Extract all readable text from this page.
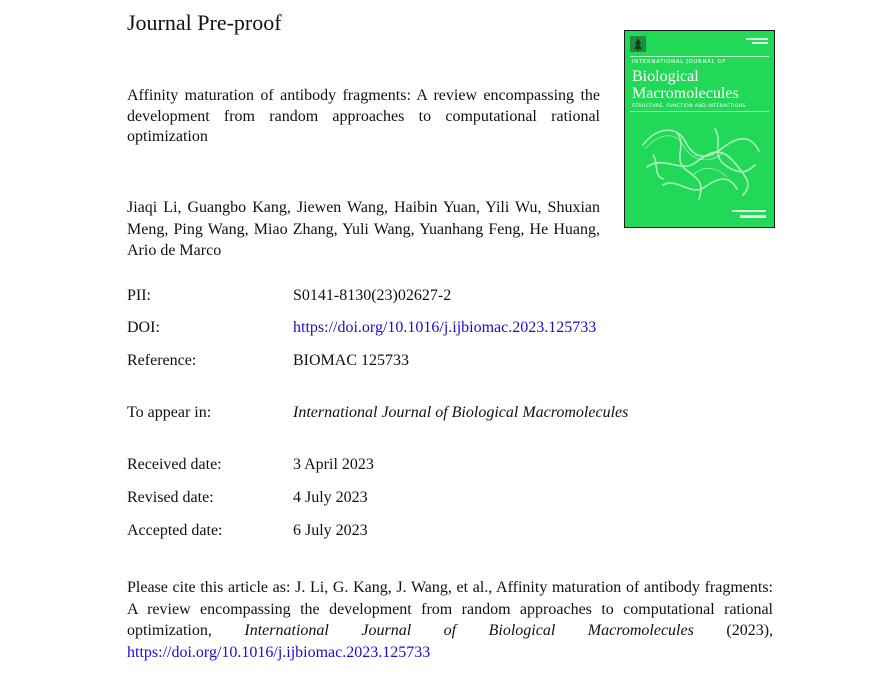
Journal Pre-proof
Affinity maturation of antibody fragments: A review encompassing the development from random approaches to computational rational optimization
Jiaqi Li, Guangbo Kang, Jiewen Wang, Haibin Yuan, Yili Wu, Shuxian Meng, Ping Wang, Miao Zhang, Yuli Wang, Yuanhang Feng, He Huang, Ario de Marco
INTERNATIONAL JOURNAL OF
Biological
Macromolecules
STRUCTURE, FUNCTION AND INTERACTIONS
PII:	S0141-8130(23)02627-2
DOI:	https://doi.org/10.1016/j.ijbiomac.2023.125733
Reference:	BIOMAC 125733
To appear in:	International Journal of Biological Macromolecules
Received date:	3 April 2023
Revised date:	4 July 2023
Accepted date:	6 July 2023
Please cite this article as: J. Li, G. Kang, J. Wang, et al., Affinity maturation of antibody fragments: A review encompassing the development from random approaches to computational rational optimization, International Journal of Biological Macromolecules (2023), https://doi.org/10.1016/j.ijbiomac.2023.125733
